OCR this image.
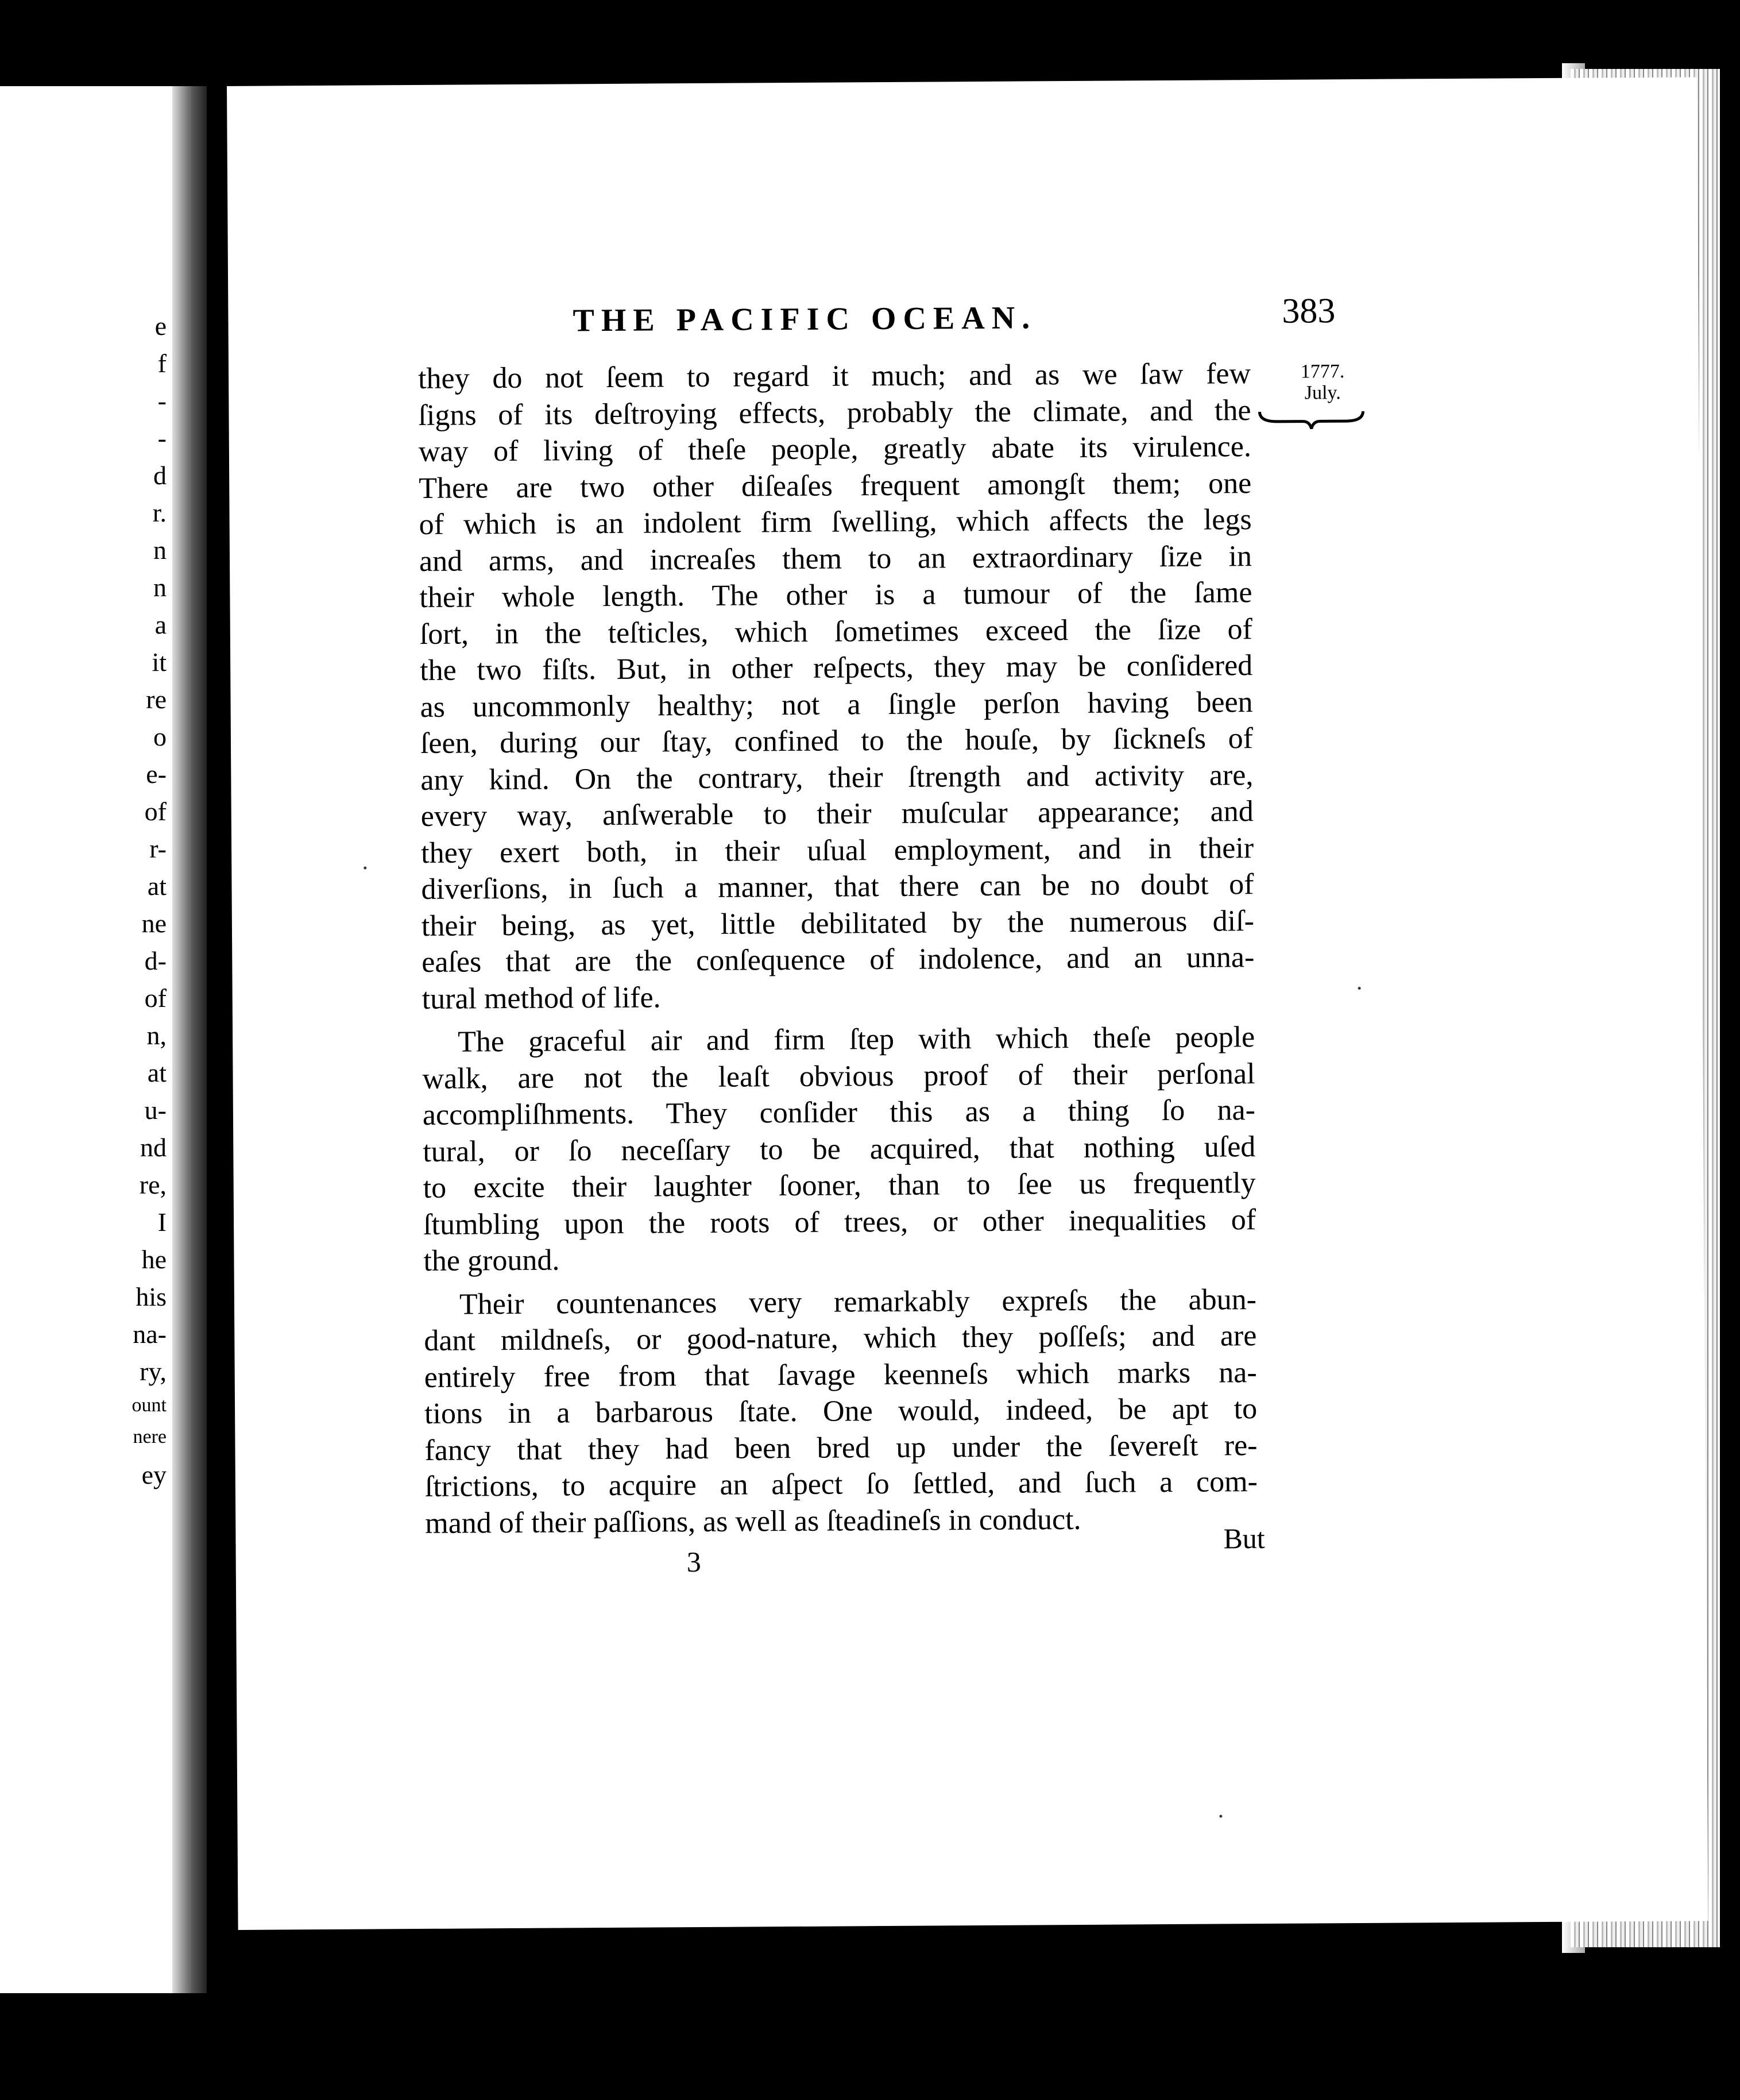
e

f

-

-

d

r.

n

n

a

it

re

o

e-

of

r-

at

ne

d-

of

n,

at

u-

nd

re,

I

he

his

na-

ry,

ount

nere

ey

THE PACIFIC OCEAN.	383

1777.
July.
they do not ſeem to regard it much; and as we ſaw few
ſigns of its deſtroying effects, probably the climate, and the
way of living of theſe people, greatly abate its virulence.
There are two other diſeaſes frequent amongſt them; one
of which is an indolent firm ſwelling, which affects the legs
and arms, and increaſes them to an extraordinary ſize in
their whole length. The other is a tumour of the ſame
ſort, in the teſticles, which ſometimes exceed the ſize of
the two fiſts. But, in other reſpects, they may be conſidered
as uncommonly healthy; not a ſingle perſon having been
ſeen, during our ſtay, confined to the houſe, by ſickneſs of
any kind. On the contrary, their ſtrength and activity are,
every way, anſwerable to their muſcular appearance; and
they exert both, in their uſual employment, and in their
diverſions, in ſuch a manner, that there can be no doubt of
their being, as yet, little debilitated by the numerous diſ-
eaſes that are the conſequence of indolence, and an unna-
tural method of life.
The graceful air and firm ſtep with which theſe people
walk, are not the leaſt obvious proof of their perſonal
accompliſhments. They conſider this as a thing ſo na-
tural, or ſo neceſſary to be acquired, that nothing uſed
to excite their laughter ſooner, than to ſee us frequently
ſtumbling upon the roots of trees, or other inequalities of
the ground.
Their countenances very remarkably expreſs the abun-
dant mildneſs, or good-nature, which they poſſeſs; and are
entirely free from that ſavage keenneſs which marks na-
tions in a barbarous ſtate. One would, indeed, be apt to
fancy that they had been bred up under the ſevereſt re-
ſtrictions, to acquire an aſpect ſo ſettled, and ſuch a com-
mand of their paſſions, as well as ſteadineſs in conduct.

3

But
